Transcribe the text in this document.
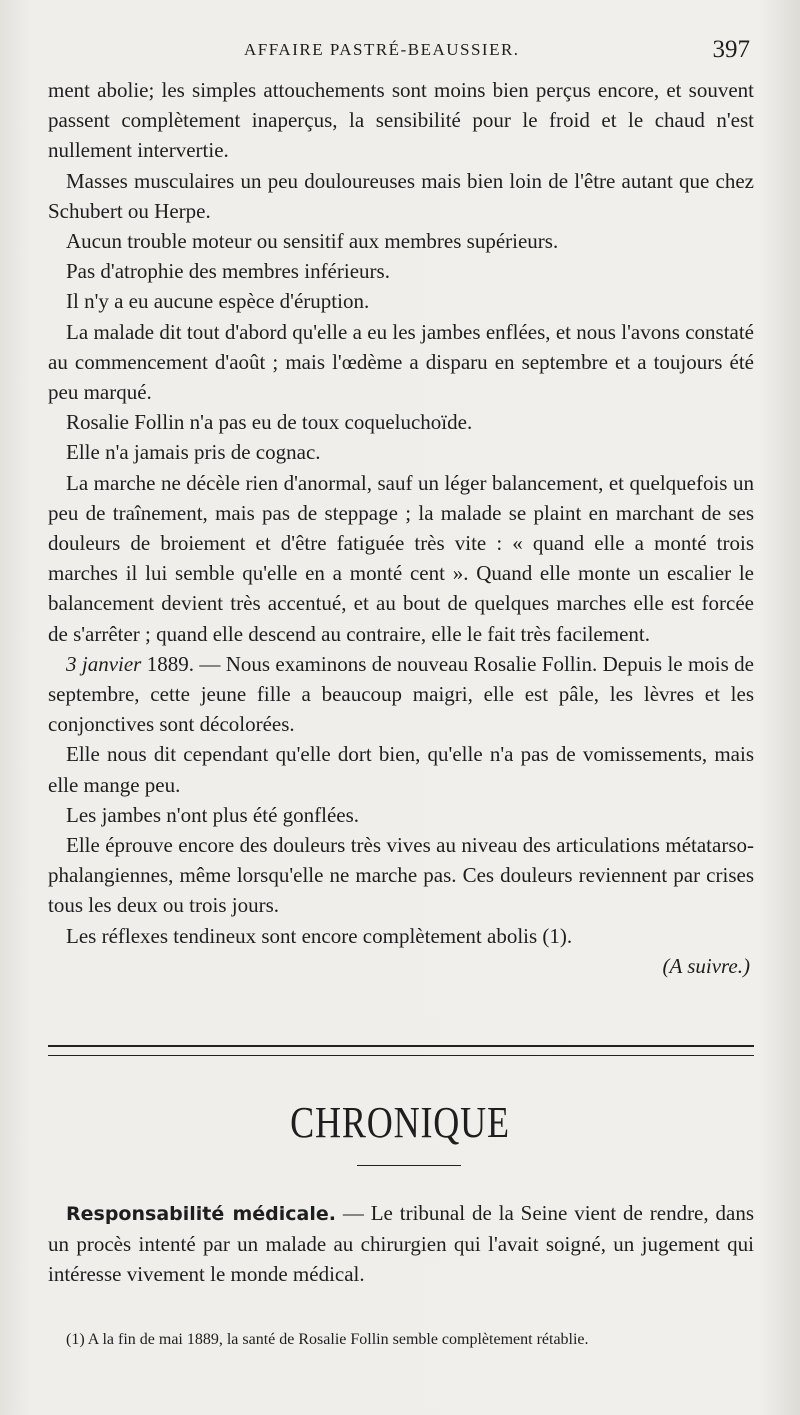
AFFAIRE PASTRÉ-BEAUSSIER.	397

ment abolie; les simples attouchements sont moins bien perçus encore, et souvent passent complètement inaperçus, la sensibilité pour le froid et le chaud n'est nullement intervertie.

Masses musculaires un peu douloureuses mais bien loin de l'être autant que chez Schubert ou Herpe.

Aucun trouble moteur ou sensitif aux membres supérieurs.

Pas d'atrophie des membres inférieurs.

Il n'y a eu aucune espèce d'éruption.

La malade dit tout d'abord qu'elle a eu les jambes enflées, et nous l'avons constaté au commencement d'août ; mais l'œdème a disparu en septembre et a toujours été peu marqué.

Rosalie Follin n'a pas eu de toux coqueluchoïde.

Elle n'a jamais pris de cognac.

La marche ne décèle rien d'anormal, sauf un léger balancement, et quelquefois un peu de traînement, mais pas de steppage ; la malade se plaint en marchant de ses douleurs de broiement et d'être fatiguée très vite : « quand elle a monté trois marches il lui semble qu'elle en a monté cent ». Quand elle monte un escalier le balancement devient très accentué, et au bout de quelques marches elle est forcée de s'arrêter ; quand elle descend au contraire, elle le fait très facilement.

3 janvier 1889. — Nous examinons de nouveau Rosalie Follin. Depuis le mois de septembre, cette jeune fille a beaucoup maigri, elle est pâle, les lèvres et les conjonctives sont décolorées.

Elle nous dit cependant qu'elle dort bien, qu'elle n'a pas de vomissements, mais elle mange peu.

Les jambes n'ont plus été gonflées.

Elle éprouve encore des douleurs très vives au niveau des articulations métatarso-phalangiennes, même lorsqu'elle ne marche pas. Ces douleurs reviennent par crises tous les deux ou trois jours.

Les réflexes tendineux sont encore complètement abolis (1).

(A suivre.)
CHRONIQUE

Responsabilité médicale. — Le tribunal de la Seine vient de rendre, dans un procès intenté par un malade au chirurgien qui l'avait soigné, un jugement qui intéresse vivement le monde médical.

(1) A la fin de mai 1889, la santé de Rosalie Follin semble complètement rétablie.
